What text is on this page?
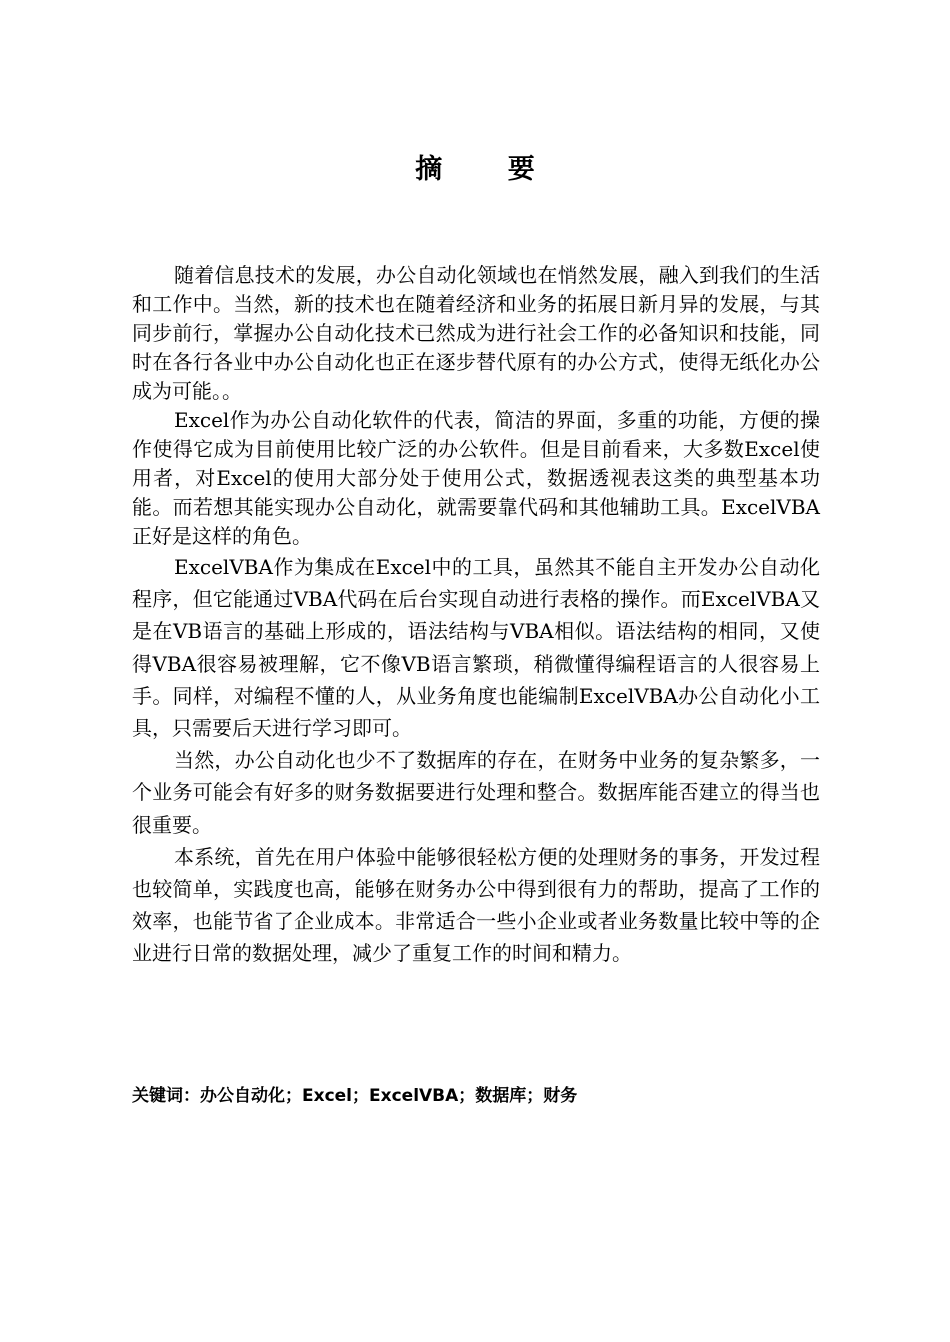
摘 要

随着信息技术的发展，办公自动化领域也在悄然发展，融入到我们的生活和工作中。当然，新的技术也在随着经济和业务的拓展日新月异的发展，与其同步前行，掌握办公自动化技术已然成为进行社会工作的必备知识和技能，同时在各行各业中办公自动化也正在逐步替代原有的办公方式，使得无纸化办公成为可能。。

Excel作为办公自动化软件的代表，简洁的界面，多重的功能，方便的操作使得它成为目前使用比较广泛的办公软件。但是目前看来，大多数Excel使用者，对Excel的使用大部分处于使用公式，数据透视表这类的典型基本功能。而若想其能实现办公自动化，就需要靠代码和其他辅助工具。ExcelVBA正好是这样的角色。

ExcelVBA作为集成在Excel中的工具，虽然其不能自主开发办公自动化程序，但它能通过VBA代码在后台实现自动进行表格的操作。而ExcelVBA又是在VB语言的基础上形成的，语法结构与VBA相似。语法结构的相同，又使得VBA很容易被理解，它不像VB语言繁琐，稍微懂得编程语言的人很容易上手。同样，对编程不懂的人，从业务角度也能编制ExcelVBA办公自动化小工具，只需要后天进行学习即可。

当然，办公自动化也少不了数据库的存在，在财务中业务的复杂繁多，一个业务可能会有好多的财务数据要进行处理和整合。数据库能否建立的得当也很重要。

本系统，首先在用户体验中能够很轻松方便的处理财务的事务，开发过程也较简单，实践度也高，能够在财务办公中得到很有力的帮助，提高了工作的效率，也能节省了企业成本。非常适合一些小企业或者业务数量比较中等的企业进行日常的数据处理，减少了重复工作的时间和精力。

关键词：办公自动化；Excel；ExcelVBA；数据库；财务
